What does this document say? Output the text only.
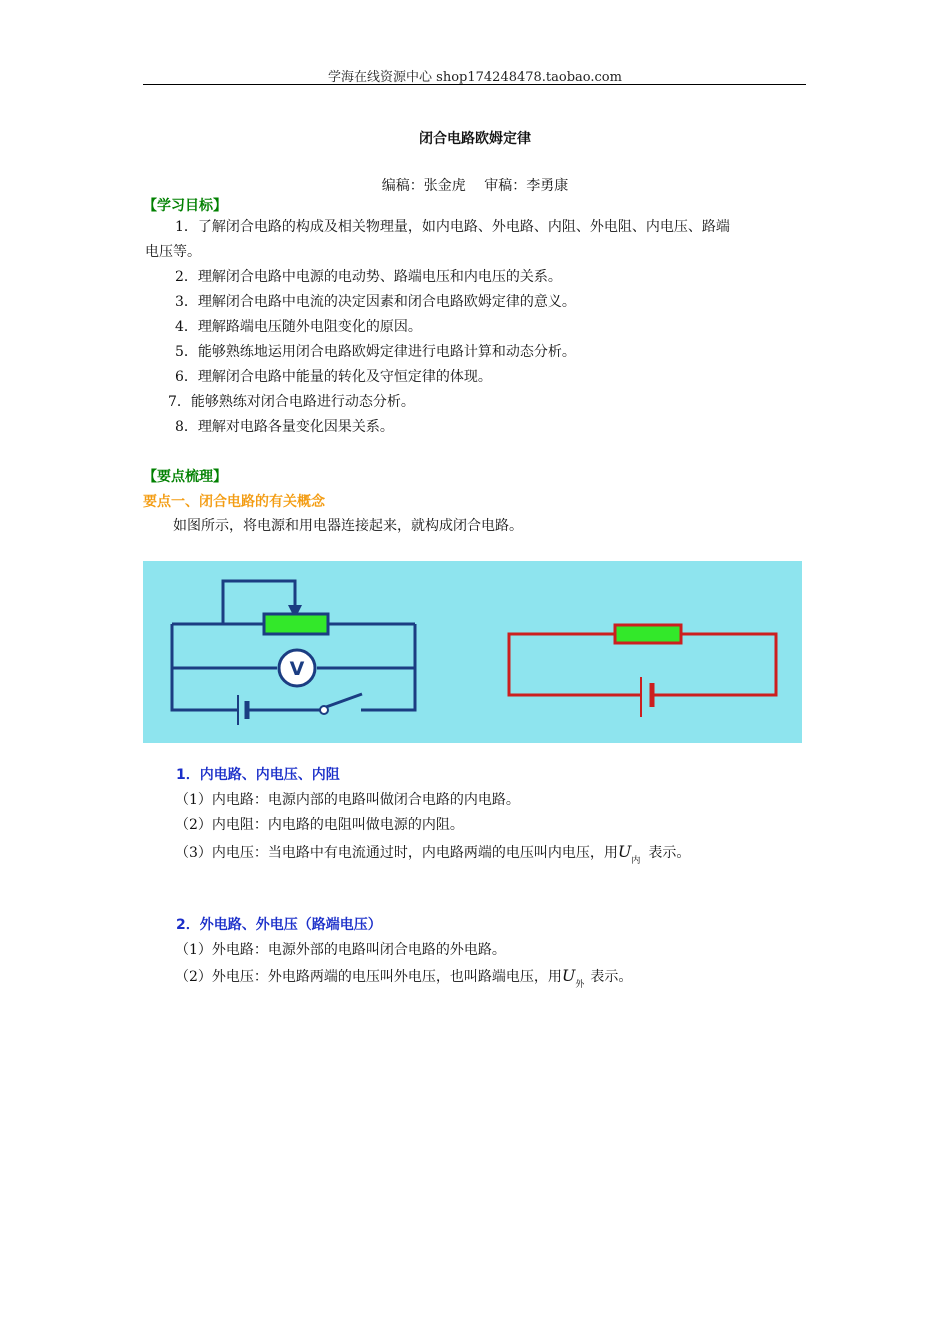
学海在线资源中心 shop174248478.taobao.com
闭合电路欧姆定律
编稿：张金虎　 审稿：李勇康
【学习目标】
1．了解闭合电路的构成及相关物理量，如内电路、外电路、内阻、外电阻、内电压、路端
电压等。
2．理解闭合电路中电源的电动势、路端电压和内电压的关系。
3．理解闭合电路中电流的决定因素和闭合电路欧姆定律的意义。
4．理解路端电压随外电阻变化的原因。
5．能够熟练地运用闭合电路欧姆定律进行电路计算和动态分析。
6．理解闭合电路中能量的转化及守恒定律的体现。
7．能够熟练对闭合电路进行动态分析。
8．理解对电路各量变化因果关系。
【要点梳理】
要点一、闭合电路的有关概念
如图所示，将电源和用电器连接起来，就构成闭合电路。
V
1．内电路、内电压、内阻
（1）内电路：电源内部的电路叫做闭合电路的内电路。
（2）内电阻：内电路的电阻叫做电源的内阻。
（3）内电压：当电路中有电流通过时，内电路两端的电压叫内电压，用$U_内$ 表示。
2．外电路、外电压（路端电压）
（1）外电路：电源外部的电路叫闭合电路的外电路。
（2）外电压：外电路两端的电压叫外电压，也叫路端电压，用$U_外$ 表示。
